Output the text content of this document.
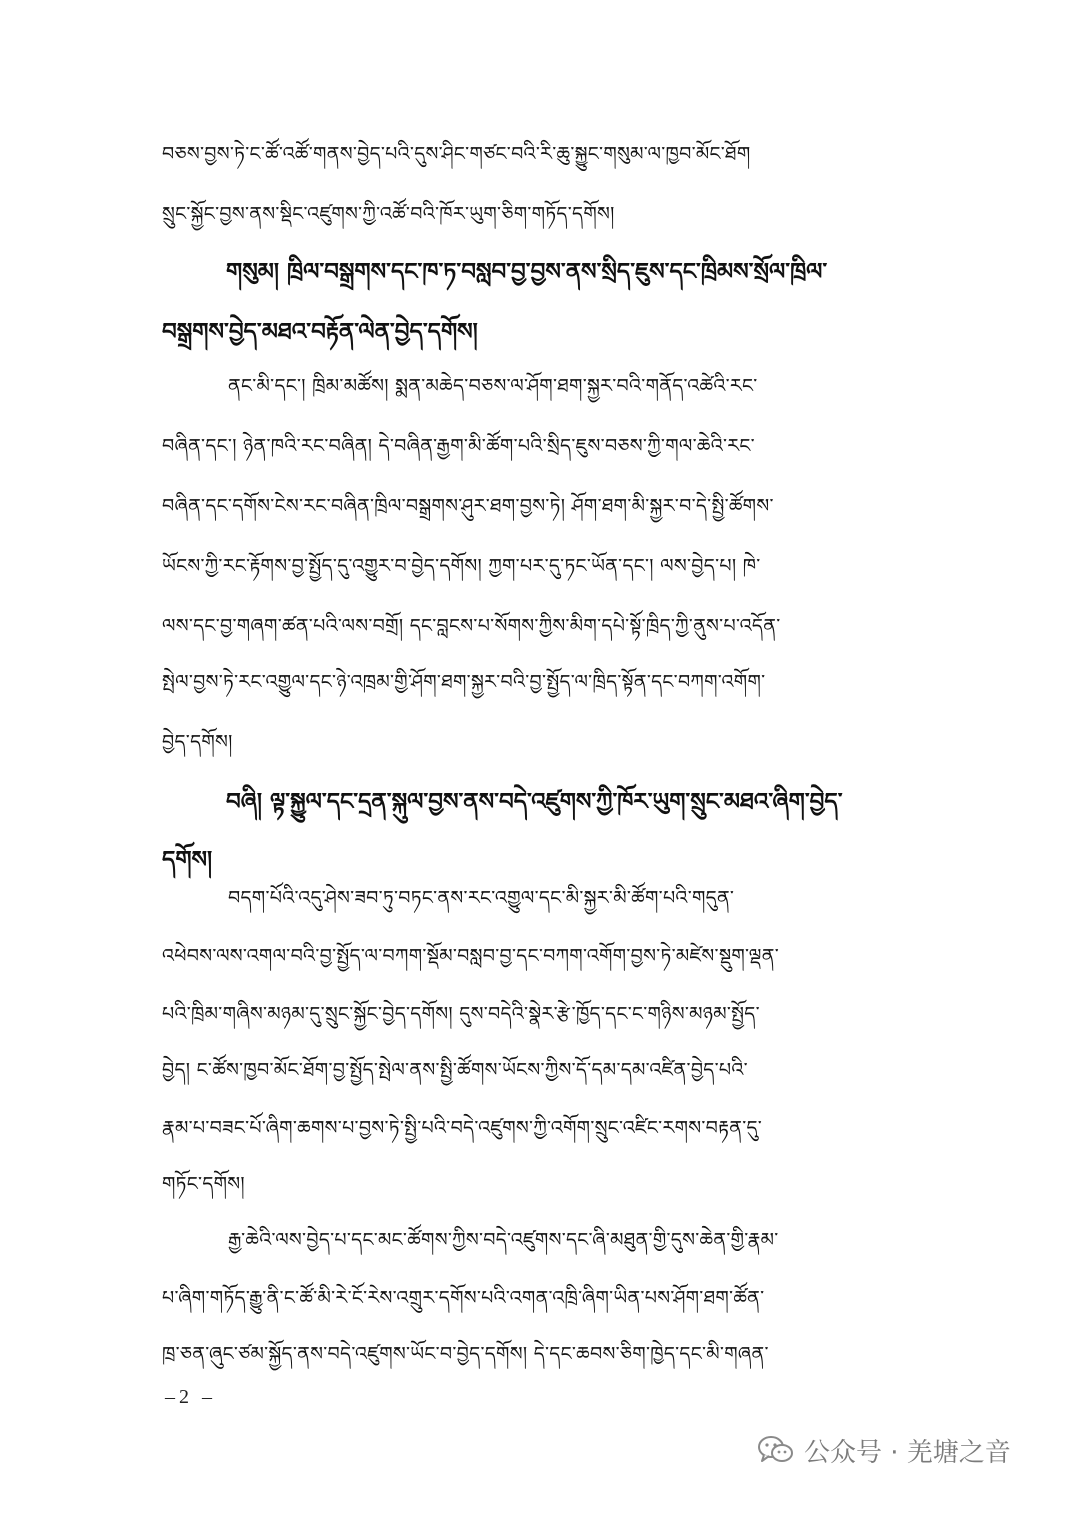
བཅས་བྱས་ཏེ་ང་ཚོ་འཚོ་གནས་བྱེད་པའི་དུས་ཤིང་གཙང་བའི་རི་ཆུ་སྐྱུང་གསུམ་ལ་ཁྱབ་མོང་ཐོག
སྲུང་སྐྱོང་བྱས་ནས་སྡིང་འཛུགས་ཀྱི་འཚོ་བའི་ཁོར་ཡུག་ཅིག་གཏོད་དགོས།
གསུམ། ཁྲིལ་བསྒྲགས་དང་ཁ་ཏ་བསླབ་བྱ་བྱས་ནས་སྲིད་ཇུས་དང་ཁྲིམས་སྲོལ་ཁྲིལ་
བསྒྲགས་བྱེད་མཐའ་བརྟོན་ལེན་བྱེད་དགོས།
ནང་མི་དང་། ཁྲིམ་མཚོས། སྨན་མཆེད་བཅས་ལ་ཤོག་ཐག་སྐྱར་བའི་གནོད་འཚེའི་རང་
བཞིན་དང་། ཉེན་ཁའི་རང་བཞིན། དེ་བཞིན་རྒྱག་མི་ཚོག་པའི་སྲིད་ཇུས་བཅས་ཀྱི་གལ་ཆེའི་རང་
བཞིན་དང་དགོས་ངེས་རང་བཞིན་ཁྲིལ་བསྒྲགས་ཤུར་ཐག་བྱས་ཏེ། ཤོག་ཐག་མི་སྐྱར་བ་དེ་སྤྱི་ཚོགས་
ཡོངས་ཀྱི་རང་རྟོགས་བྱ་སྤྱོད་དུ་འགྱུར་བ་བྱེད་དགོས། ཀྱག་པར་དུ་ཏང་ཡོན་དང་། ལས་བྱེད་པ། ཁེ་
ལས་དང་བྱ་གཞག་ཚན་པའི་ལས་བགྲོ། དང་བླངས་པ་སོགས་ཀྱིས་མིག་དཔེ་སྟོ་ཁྲིད་ཀྱི་ནུས་པ་འདོན་
སྤེལ་བྱས་ཏེ་རང་འགྱུལ་དང་ཉེ་འཁྲམ་གྱི་ཤོག་ཐག་སྐྱར་བའི་བྱ་སྤྱོད་ལ་ཁྲིད་སྟོན་དང་བཀག་འགོག་
བྱེད་དགོས།
བཞི། ལྟ་སྐྱུལ་དང་དྲན་སྐུལ་བྱས་ནས་བདེ་འཛུགས་ཀྱི་ཁོར་ཡུག་སྲུང་མཐའ་ཞིག་བྱེད་
དགོས།
བདག་པོའི་འདུ་ཤེས་ཟབ་ཏུ་བཏང་ནས་རང་འགྱུལ་དང་མི་སྐྱར་མི་ཚོག་པའི་གདུན་
འཕེབས་ལས་འགལ་བའི་བྱ་སྤྱོད་ལ་བཀག་སྡོམ་བསླབ་བྱ་དང་བཀག་འགོག་བྱས་ཏེ་མཛེས་སྡུག་ལྡན་
པའི་ཁྲིམ་གཞིས་མཉམ་དུ་སྲུང་སྐྱོང་བྱེད་དགོས། དུས་བདེའི་སྣེར་རྩེ་ཁྱོད་དང་ང་གཉིས་མཉམ་སྤྱོད་
བྱེད། ང་ཚོས་ཁྱབ་མོང་ཐོག་བྱ་སྤྱོད་སྤེལ་ནས་སྤྱི་ཚོགས་ཡོངས་ཀྱིས་དོ་དམ་དམ་འཛིན་བྱེད་པའི་
རྣམ་པ་བཟང་པོ་ཞིག་ཆགས་པ་བྱས་ཏེ་སྤྱི་པའི་བདེ་འཛུགས་ཀྱི་འགོག་སྲུང་འཛིང་རགས་བརྟན་དུ་
གཏོང་དགོས།
རྒྱ་ཆེའི་ལས་བྱེད་པ་དང་མང་ཚོགས་ཀྱིས་བདེ་འཛུགས་དང་ཞི་མཐུན་གྱི་དུས་ཆེན་གྱི་རྣམ་
པ་ཞིག་གཏོད་རྒྱུ་ནི་ང་ཚོ་མི་རེ་ངོ་རེས་འགྲུར་དགོས་པའི་འགན་འཁྲི་ཞིག་ཡིན་པས་ཤོག་ཐག་ཚོན་
ཁྲ་ཅན་ཞུང་ཙམ་སྐྱོད་ནས་བདེ་འཛུགས་ཡོང་བ་བྱེད་དགོས། དེ་དང་ཆབས་ཅིག་ཁྱེད་དང་མི་གཞན་
–2 –
公众号 · 羌塘之音
